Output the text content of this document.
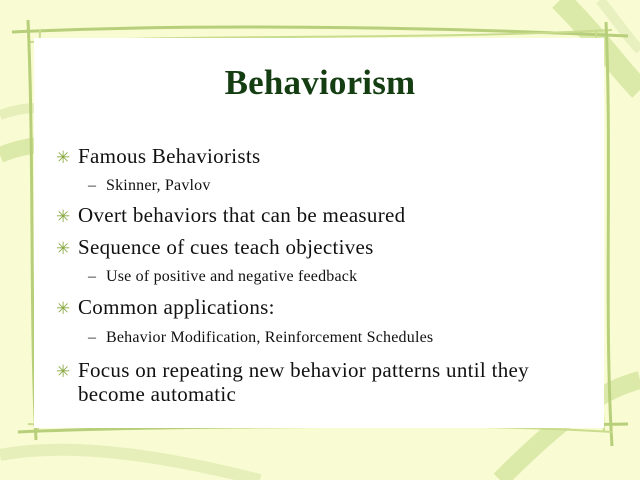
Behaviorism
✳ Famous Behaviorists
– Skinner, Pavlov
✳ Overt behaviors that can be measured
✳ Sequence of cues teach objectives
– Use of positive and negative feedback
✳ Common applications:
– Behavior Modification, Reinforcement Schedules
✳ Focus on repeating new behavior patterns until they become automatic
